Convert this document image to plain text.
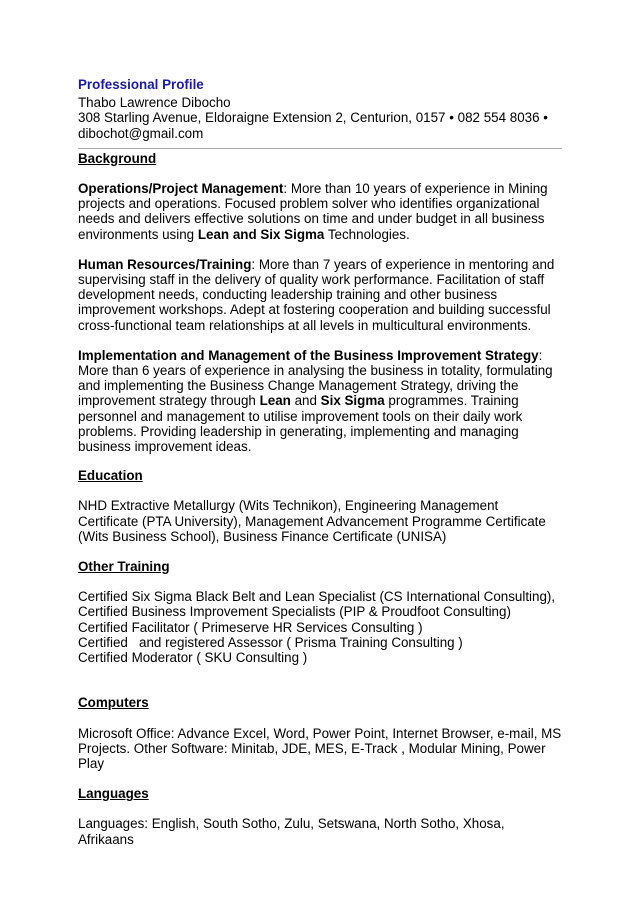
Professional Profile

Thabo Lawrence Dibocho
308 Starling Avenue, Eldoraigne Extension 2, Centurion, 0157 • 082 554 8036 •
dibochot@gmail.com

Background

Operations/Project Management: More than 10 years of experience in Mining projects and operations. Focused problem solver who identifies organizational needs and delivers effective solutions on time and under budget in all business environments using Lean and Six Sigma Technologies.

Human Resources/Training: More than 7 years of experience in mentoring and supervising staff in the delivery of quality work performance. Facilitation of staff development needs, conducting leadership training and other business improvement workshops. Adept at fostering cooperation and building successful cross-functional team relationships at all levels in multicultural environments.

Implementation and Management of the Business Improvement Strategy: More than 6 years of experience in analysing the business in totality, formulating and implementing the Business Change Management Strategy, driving the improvement strategy through Lean and Six Sigma programmes. Training personnel and management to utilise improvement tools on their daily work problems. Providing leadership in generating, implementing and managing business improvement ideas.

Education

NHD Extractive Metallurgy (Wits Technikon), Engineering Management Certificate (PTA University), Management Advancement Programme Certificate (Wits Business School), Business Finance Certificate (UNISA)

Other Training

Certified Six Sigma Black Belt and Lean Specialist (CS International Consulting),
Certified Business Improvement Specialists (PIP & Proudfoot Consulting)
Certified Facilitator ( Primeserve HR Services Consulting )
Certified   and registered Assessor ( Prisma Training Consulting )
Certified Moderator ( SKU Consulting )

Computers

Microsoft Office: Advance Excel, Word, Power Point, Internet Browser, e-mail, MS Projects. Other Software: Minitab, JDE, MES, E-Track , Modular Mining, Power Play

Languages

Languages: English, South Sotho, Zulu, Setswana, North Sotho, Xhosa, Afrikaans
